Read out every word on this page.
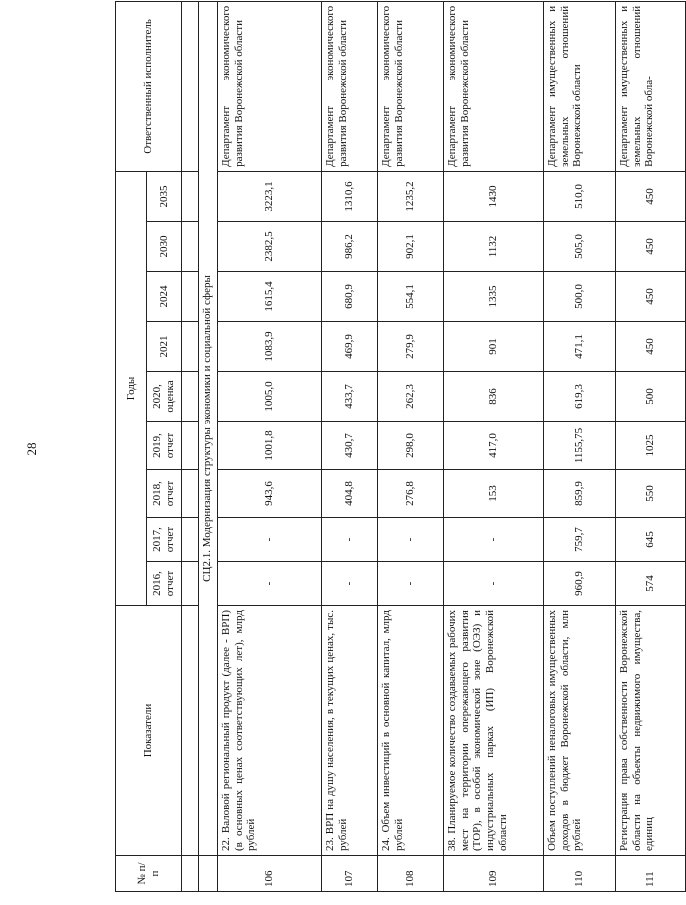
28
№ п/п	Показатели	Годы									Ответственный исполнитель
		2016, отчет	2017, отчет	2018, отчет	2019, отчет	2020, оценка	2021	2024	2030	2035	

	СЦ2.1. Модернизация структуры экономики и социальной сферы										
106	22. Валовой региональный продукт (далее - ВРП) (в основных ценах соответствующих лет), млрд рублей	-	-	943,6	1001,8	1005,0	1083,9	1615,4	2382,5	3223,1	Департамент экономического развития Воронежской области
107	23. ВРП на душу населения, в текущих ценах, тыс. рублей	-	-	404,8	430,7	433,7	469,9	680,9	986,2	1310,6	Департамент экономического развития Воронежской области
108	24. Объем инвестиций в основной капитал, млрд рублей	-	-	276,8	298,0	262,3	279,9	554,1	902,1	1235,2	Департамент экономического развития Воронежской области
109	38. Планируемое количество создаваемых рабочих мест на территории опережающего развития (ТОР), в особой экономической зоне (ОЭЗ) и индустриальных парках (ИП) Воронежской области	-	-	153	417,0	836	901	1335	1132	1430	Департамент экономического развития Воронежской области
110	Объем поступлений неналоговых имущественных доходов в бюджет Воронежской области, млн рублей	960,9	759,7	859,9	1155,75	619,3	471,1	500,0	505,0	510,0	Департамент имущественных и земельных отношений Воронежской области
111	Регистрация права собственности Воронежской области на объекты недвижимого имущества, единиц	574	645	550	1025	500	450	450	450	450	Департамент имущественных и земельных отношений Воронежской обла-
